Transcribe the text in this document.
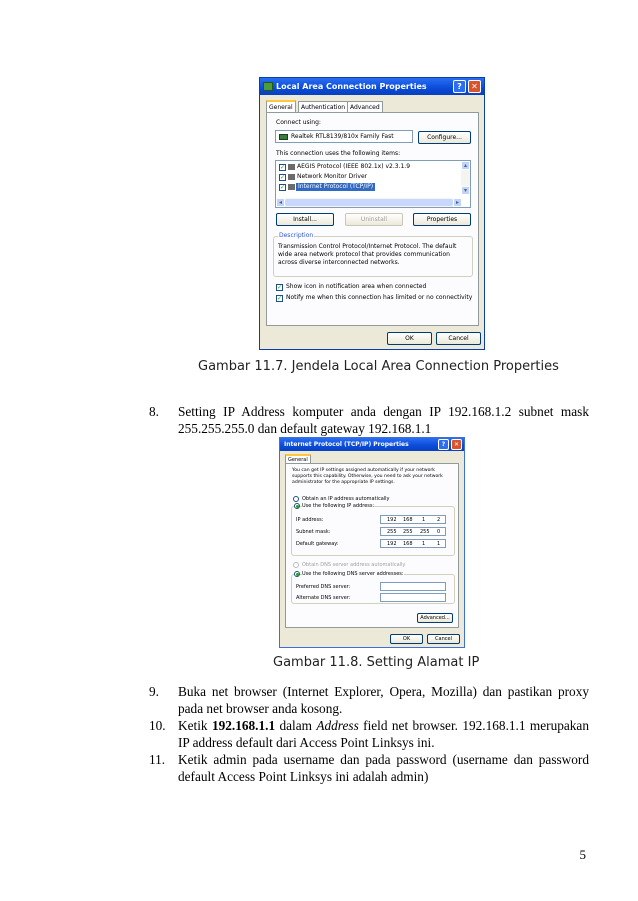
Local Area Connection Properties	?	✕
General	Authentication Advanced
Connect using:
Realtek RTL8139/810x Family Fast	Configure...
This connection uses the following items:
✓ AEGIS Protocol (IEEE 802.1x) v2.3.1.9
✓ Network Monitor Driver
✓	Internet Protocol (TCP/IP)
▴
▾
◂	▸
Install...	Uninstall	Properties
Description
Transmission Control Protocol/Internet Protocol. The default wide area network protocol that provides communication across diverse interconnected networks.
✓ Show icon in notification area when connected
✓ Notify me when this connection has limited or no connectivity
OK	Cancel
Gambar 11.7. Jendela Local Area Connection Properties
8. Setting IP Address komputer anda dengan IP 192.168.1.2 subnet mask 255.255.255.0 dan default gateway 192.168.1.1
Internet Protocol (TCP/IP) Properties	?	✕
General
You can get IP settings assigned automatically if your network supports this capability. Otherwise, you need to ask your network administrator for the appropriate IP settings.
Obtain an IP address automatically
Use the following IP address:
IP address:	192 168 1 2
Subnet mask:	255 255 255 0
Default gateway:	192 168 1 1
Obtain DNS server address automatically
Use the following DNS server addresses:
Preferred DNS server:
Alternate DNS server:
Advanced...
OK	Cancel
Gambar 11.8. Setting Alamat IP
9. Buka net browser (Internet Explorer, Opera, Mozilla) dan pastikan proxy pada net browser anda kosong.
10. Ketik 192.168.1.1 dalam Address field net browser. 192.168.1.1 merupakan IP address default dari Access Point Linksys ini.
11. Ketik admin pada username dan pada password (username dan password default Access Point Linksys ini adalah admin)
5
